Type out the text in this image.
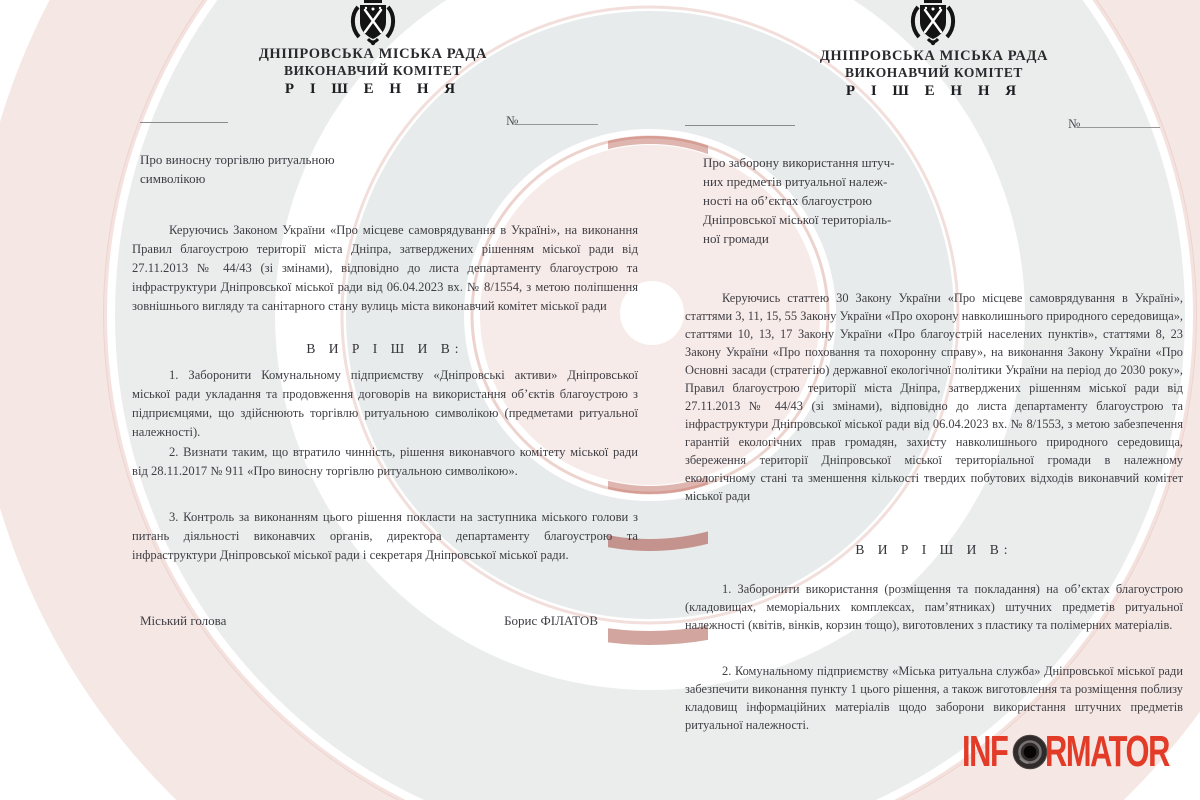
ДНІПРОВСЬКА МІСЬКА РАДА
ВИКОНАВЧИЙ КОМІТЕТ
Р І Ш Е Н Н Я
№
Про виносну торгівлю ритуальною
символікою

Керуючись Законом України «Про місцеве самоврядування в Україні», на виконання Правил благоустрою території міста Дніпра, затверджених рішенням міської ради від 27.11.2013 № 44/43 (зі змінами), відповідно до листа департаменту благоустрою та інфраструктури Дніпровської міської ради від 06.04.2023 вх. № 8/1554, з метою поліпшення зовнішнього вигляду та санітарного стану вулиць міста виконавчий комітет міської ради

В И Р І Ш И В:

1. Заборонити Комунальному підприємству «Дніпровські активи» Дніпровської міської ради укладання та продовження договорів на використання об’єктів благоустрою з підприємцями, що здійснюють торгівлю ритуальною символікою (предметами ритуальної належності).

2. Визнати таким, що втратило чинність, рішення виконавчого комітету міської ради від 28.11.2017 № 911 «Про виносну торгівлю ритуальною символікою».

3. Контроль за виконанням цього рішення покласти на заступника міського голови з питань діяльності виконавчих органів, директора департаменту благоустрою та інфраструктури Дніпровської міської ради і секретаря Дніпровської міської ради.

Міський голова	Борис ФІЛАТОВ
ДНІПРОВСЬКА МІСЬКА РАДА
ВИКОНАВЧИЙ КОМІТЕТ
Р І Ш Е Н Н Я
№
Про заборону використання штуч-
них предметів ритуальної належ-
ності на об’єктах благоустрою
Дніпровської міської територіаль-
ної громади

Керуючись статтею 30 Закону України «Про місцеве самоврядування в Україні», статтями 3, 11, 15, 55 Закону України «Про охорону навколишнього природного середовища», статтями 10, 13, 17 Закону України «Про благоустрій населених пунктів», статтями 8, 23 Закону України «Про поховання та похоронну справу», на виконання Закону України «Про Основні засади (стратегію) державної екологічної політики України на період до 2030 року», Правил благоустрою території міста Дніпра, затверджених рішенням міської ради від 27.11.2013 № 44/43 (зі змінами), відповідно до листа департаменту благоустрою та інфраструктури Дніпровської міської ради від 06.04.2023 вх. № 8/1553, з метою забезпечення гарантій екологічних прав громадян, захисту навколишнього природного середовища, збереження території Дніпровської міської територіальної громади в належному екологічному стані та зменшення кількості твердих побутових відходів виконавчий комітет міської ради

В И Р І Ш И В:

1. Заборонити використання (розміщення та покладання) на об’єктах благоустрою (кладовищах, меморіальних комплексах, пам’ятниках) штучних предметів ритуальної належності (квітів, вінків, корзин тощо), виготовлених з пластику та полімерних матеріалів.

2. Комунальному підприємству «Міська ритуальна служба» Дніпровської міської ради забезпечити виконання пункту 1 цього рішення, а також виготовлення та розміщення поблизу кладовищ інформаційних матеріалів щодо заборони використання штучних предметів ритуальної належності.

INF RMATOR
